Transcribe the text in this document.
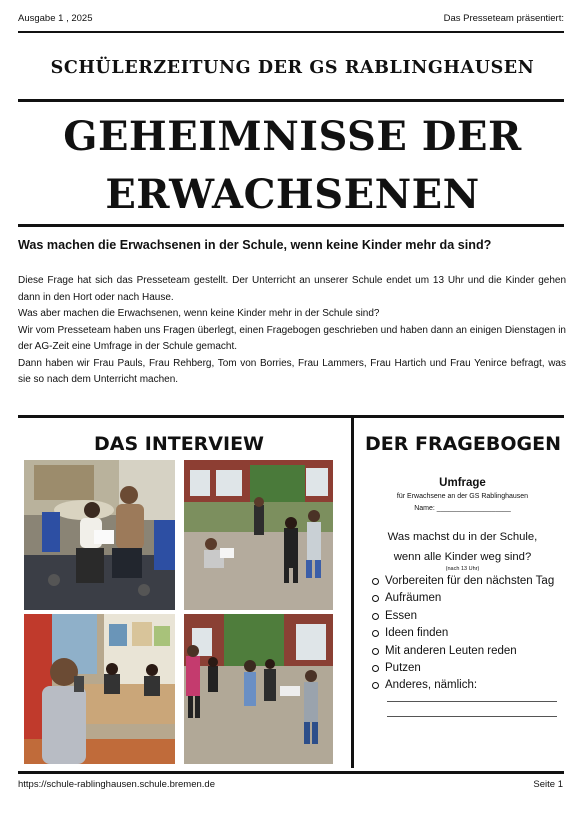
Ausgabe 1 , 2025	Das Presseteam präsentiert:
SCHÜLERZEITUNG DER GS RABLINGHAUSEN
GEHEIMNISSE DER
ERWACHSENEN
Was machen die Erwachsenen in der Schule, wenn keine Kinder mehr da sind?

Diese Frage hat sich das Presseteam gestellt. Der Unterricht an unserer Schule endet um 13 Uhr und die Kinder gehen dann in den Hort oder nach Hause.

Was aber machen die Erwachsenen, wenn keine Kinder mehr in der Schule sind?

Wir vom Presseteam haben uns Fragen überlegt, einen Fragebogen geschrieben und haben dann an einigen Dienstagen in der AG-Zeit eine Umfrage in der Schule gemacht.

Dann haben wir Frau Pauls, Frau Rehberg, Tom von Borries, Frau Lammers, Frau Hartich und Frau Yenirce befragt, was sie so nach dem Unterricht machen.

DAS INTERVIEW	DER FRAGEBOGEN
Umfrage
für Erwachsene an der GS Rablinghausen
Name: ___________________
Was machst du in der Schule,
wenn alle Kinder weg sind?
(nach 13 Uhr)
Vorbereiten für den nächsten Tag
Aufräumen
Essen
Ideen finden
Mit anderen Leuten reden
Putzen
Anderes, nämlich:
https://schule-rablinghausen.schule.bremen.de	Seite 1
